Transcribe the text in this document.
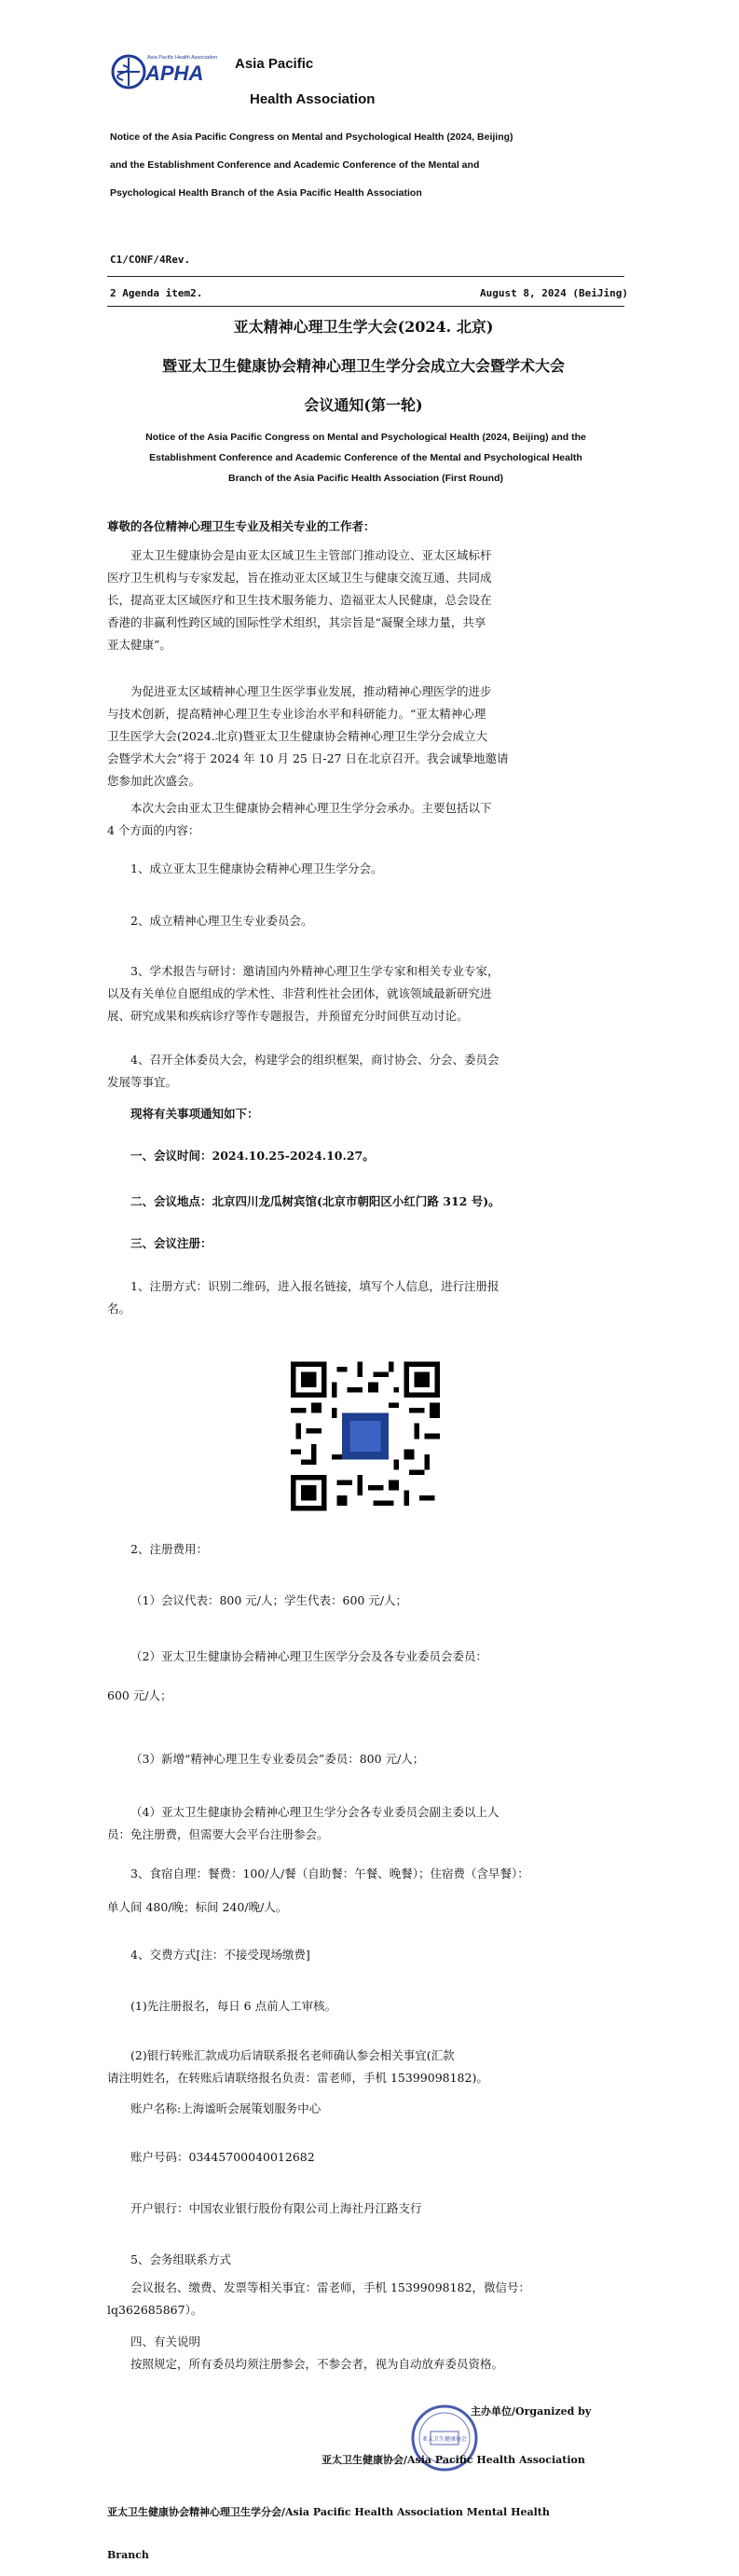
APHA
Asia Pacific Health Association Asia Pacific
Health Association
Notice of the Asia Pacific Congress on Mental and Psychological Health (2024, Beijing)
and the Establishment Conference and Academic Conference of the Mental and
Psychological Health Branch of the Asia Pacific Health Association
C1/CONF/4Rev.
2 Agenda item2.	August 8, 2024 (BeiJing)
亚太精神心理卫生学大会(2024. 北京)
暨亚太卫生健康协会精神心理卫生学分会成立大会暨学术大会
会议通知(第一轮)
Notice of the Asia Pacific Congress on Mental and Psychological Health (2024, Beijing) and the
Establishment Conference and Academic Conference of the Mental and Psychological Health
Branch of the Asia Pacific Health Association (First Round)
尊敬的各位精神心理卫生专业及相关专业的工作者：
亚太卫生健康协会是由亚太区域卫生主管部门推动设立、亚太区域标杆
医疗卫生机构与专家发起，旨在推动亚太区域卫生与健康交流互通、共同成
长，提高亚太区域医疗和卫生技术服务能力、造福亚太人民健康，总会设在
香港的非赢利性跨区域的国际性学术组织，其宗旨是“凝聚全球力量，共享
亚太健康”。
为促进亚太区域精神心理卫生医学事业发展，推动精神心理医学的进步
与技术创新，提高精神心理卫生专业诊治水平和科研能力。“亚太精神心理
卫生医学大会(2024.北京)暨亚太卫生健康协会精神心理卫生学分会成立大
会暨学术大会”将于 2024 年 10 月 25 日-27 日在北京召开。我会诚挚地邀请
您参加此次盛会。
本次大会由亚太卫生健康协会精神心理卫生学分会承办。主要包括以下
4 个方面的内容：
1、成立亚太卫生健康协会精神心理卫生学分会。
2、成立精神心理卫生专业委员会。
3、学术报告与研讨：邀请国内外精神心理卫生学专家和相关专业专家，
以及有关单位自愿组成的学术性、非营利性社会团体，就该领域最新研究进
展、研究成果和疾病诊疗等作专题报告，并预留充分时间供互动讨论。
4、召开全体委员大会，构建学会的组织框架，商讨协会、分会、委员会
发展等事宜。
现将有关事项通知如下：
一、会议时间：2024.10.25-2024.10.27。
二、会议地点：北京四川龙瓜树宾馆(北京市朝阳区小红门路 312 号)。
三、会议注册：
1、注册方式：识别二维码，进入报名链接，填写个人信息，进行注册报
名。
2、注册费用：
（1）会议代表：800 元/人；学生代表：600 元/人；
（2）亚太卫生健康协会精神心理卫生医学分会及各专业委员会委员：
600 元/人；
（3）新增“精神心理卫生专业委员会”委员：800 元/人；
（4）亚太卫生健康协会精神心理卫生学分会各专业委员会副主委以上人
员：免注册费，但需要大会平台注册参会。
3、食宿自理：餐费：100/人/餐（自助餐：午餐、晚餐）；住宿费（含早餐）：
单人间 480/晚；标间 240/晚/人。
4、交费方式[注：不接受现场缴费]
(1)先注册报名，每日 6 点前人工审核。
(2)银行转账汇款成功后请联系报名老师确认参会相关事宜(汇款
请注明姓名，在转账后请联络报名负责：雷老师，手机 15399098182)。
账户名称:上海谧昕会展策划服务中心
账户号码：03445700040012682
开户银行：中国农业银行股份有限公司上海社丹江路支行
5、会务组联系方式
会议报名、缴费、发票等相关事宜：雷老师，手机 15399098182，微信号：
lq362685867）。
四、有关说明
按照规定，所有委员均须注册参会，不参会者，视为自动放弃委员资格。
主办单位/Organized by
亚太卫生健康协会
亚太卫生健康协会/Asia Pacific Health Association
亚太卫生健康协会精神心理卫生学分会/Asia Pacific Health Association Mental Health
Branch
